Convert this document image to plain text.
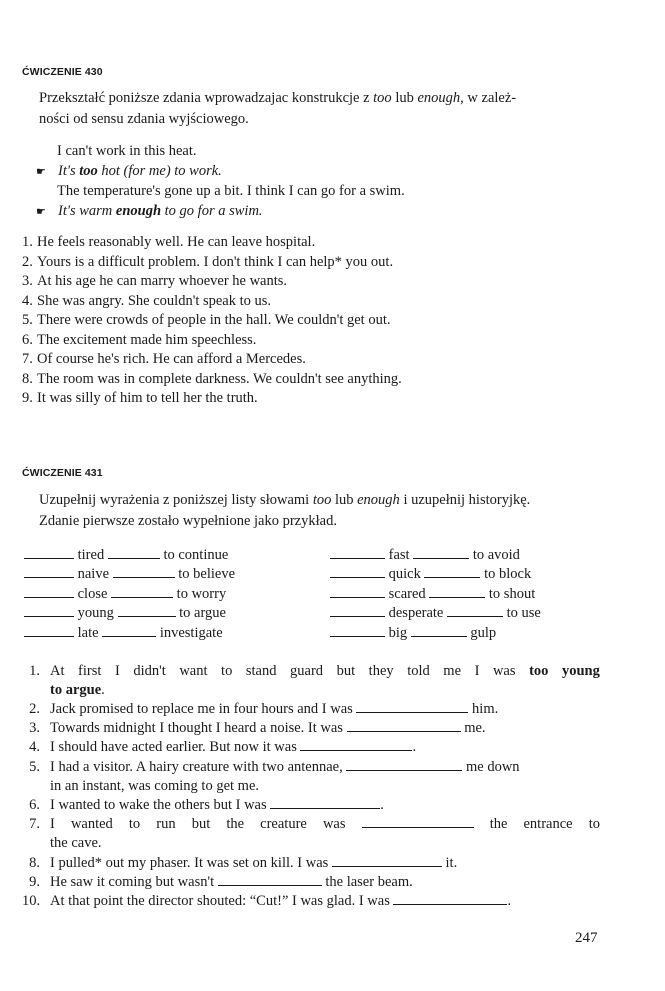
ĆWICZENIE 430
Przekształć poniższe zdania wprowadzajac konstrukcje z too lub enough, w zależ-
ności od sensu zdania wyjściowego.
I can't work in this heat.
☛ It's too hot (for me) to work.
The temperature's gone up a bit. I think I can go for a swim.
☛ It's warm enough to go for a swim.
1. He feels reasonably well. He can leave hospital.
2. Yours is a difficult problem. I don't think I can help* you out.
3. At his age he can marry whoever he wants.
4. She was angry. She couldn't speak to us.
5. There were crowds of people in the hall. We couldn't get out.
6. The excitement made him speechless.
7. Of course he's rich. He can afford a Mercedes.
8. The room was in complete darkness. We couldn't see anything.
9. It was silly of him to tell her the truth.
ĆWICZENIE 431
Uzupełnij wyrażenia z poniższej listy słowami too lub enough i uzupełnij historyjkę.
Zdanie pierwsze zostało wypełnione jako przykład.
tired	to continue
naive	to believe
close	to worry
young	to argue
late	investigate
fast	to avoid
quick	to block
scared	to shout
desperate	to use
big	gulp
1. At first I didn't want to stand guard but they told me I was too young
to argue.
2. Jack promised to replace me in four hours and I was	him.
3. Towards midnight I thought I heard a noise. It was	me.
4. I should have acted earlier. But now it was	.
5. I had a visitor. A hairy creature with two antennae,	me down
in an instant, was coming to get me.
6. I wanted to wake the others but I was	.
7. I wanted to run but the creature was	the entrance to
the cave.
8. I pulled* out my phaser. It was set on kill. I was	it.
9. He saw it coming but wasn't	the laser beam.
10. At that point the director shouted: “Cut!” I was glad. I was	.
247
